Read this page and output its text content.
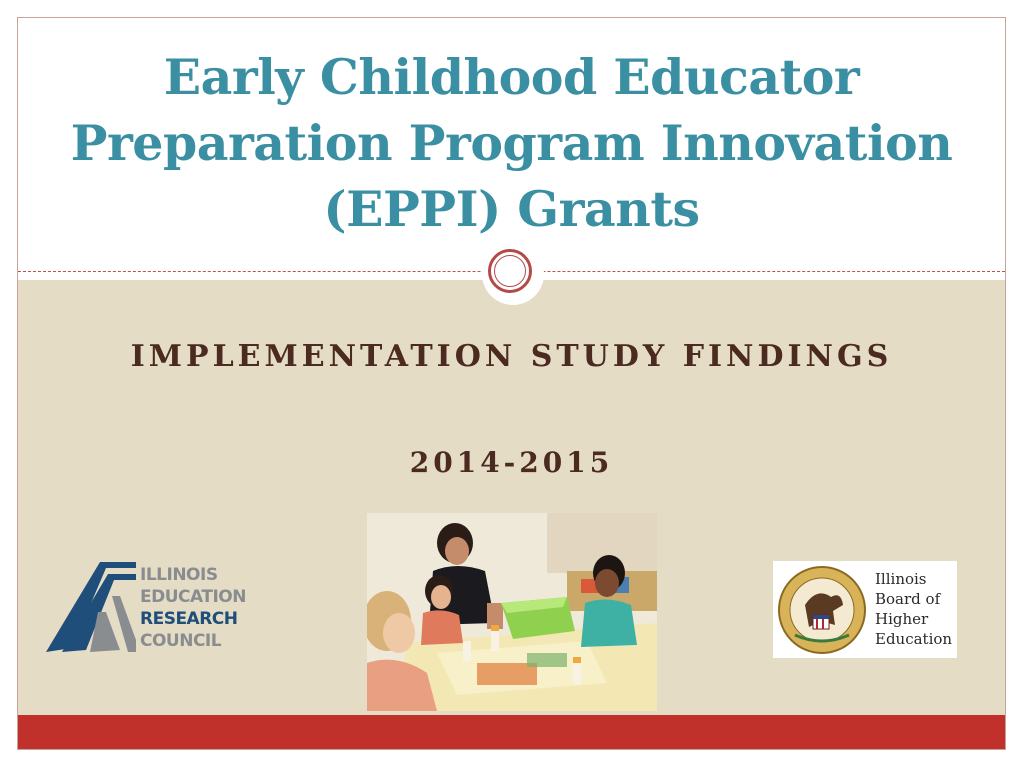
Early Childhood Educator Preparation Program Innovation (EPPI) Grants

IMPLEMENTATION STUDY FINDINGS

2014-2015

ILLINOIS
EDUCATION
RESEARCH
COUNCIL

Illinois
Board of
Higher
Education
